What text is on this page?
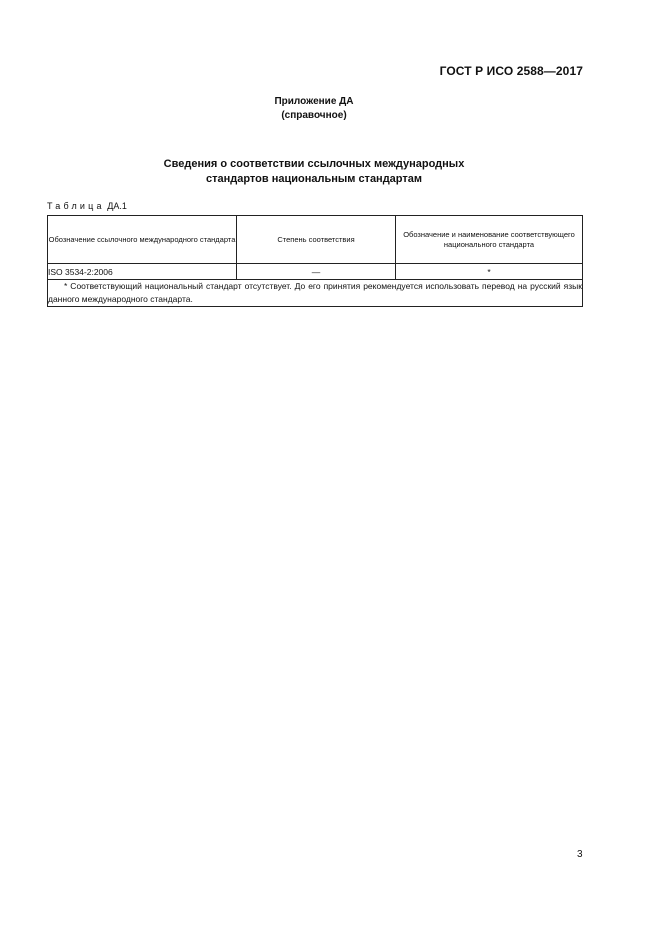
ГОСТ Р ИСО 2588—2017
Приложение ДА
(справочное)
Сведения о соответствии ссылочных международных
стандартов национальным стандартам
Таблица ДА.1
Обозначение ссылочного международного стандарта	Степень соответствия	Обозначение и наименование соответствующего национального стандарта
ISO 3534-2:2006	—	*
* Соответствующий национальный стандарт отсутствует. До его принятия рекомендуется использовать перевод на русский язык данного международного стандарта.		
3
